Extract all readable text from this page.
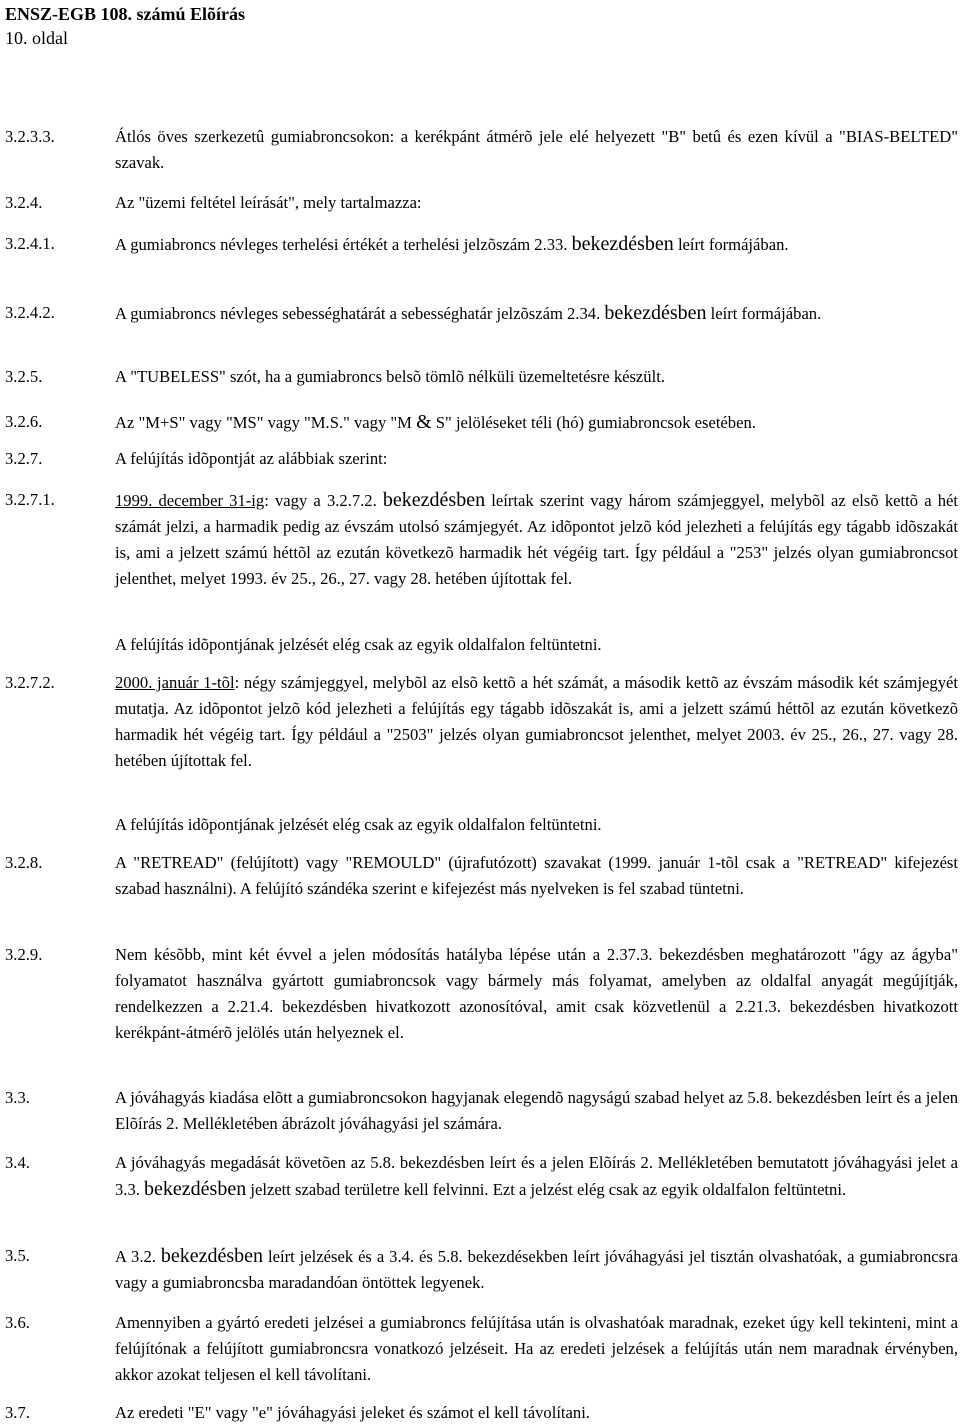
ENSZ-EGB 108. számú Elõírás
10. oldal
3.2.3.3.	Átlós öves szerkezetû gumiabroncsokon: a kerékpánt átmérõ jele elé helyezett "B" betû és ezen kívül a "BIAS-BELTED" szavak.
3.2.4.	Az "üzemi feltétel leírását", mely tartalmazza:
3.2.4.1.	A gumiabroncs névleges terhelési értékét a terhelési jelzõszám 2.33. bekezdésben leírt formájában.
3.2.4.2.	A gumiabroncs névleges sebességhatárát a sebességhatár jelzõszám 2.34. bekezdésben leírt formájában.
3.2.5.	A "TUBELESS" szót, ha a gumiabroncs belsõ tömlõ nélküli üzemeltetésre készült.
3.2.6.	Az "M+S" vagy "MS" vagy "M.S." vagy "M & S" jelöléseket téli (hó) gumiabroncsok esetében.
3.2.7.	A felújítás idõpontját az alábbiak szerint:
3.2.7.1.	1999. december 31-ig: vagy a 3.2.7.2. bekezdésben leírtak szerint vagy három számjeggyel, melybõl az elsõ kettõ a hét számát jelzi, a harmadik pedig az évszám utolsó számjegyét. Az idõpontot jelzõ kód jelezheti a felújítás egy tágabb idõszakát is, ami a jelzett számú héttõl az ezután következõ harmadik hét végéig tart. Így például a "253" jelzés olyan gumiabroncsot jelenthet, melyet 1993. év 25., 26., 27. vagy 28. hetében újítottak fel.
A felújítás idõpontjának jelzését elég csak az egyik oldalfalon feltüntetni.
3.2.7.2.	2000. január 1-tõl: négy számjeggyel, melybõl az elsõ kettõ a hét számát, a második kettõ az évszám második két számjegyét mutatja. Az idõpontot jelzõ kód jelezheti a felújítás egy tágabb idõszakát is, ami a jelzett számú héttõl az ezután következõ harmadik hét végéig tart. Így például a "2503" jelzés olyan gumiabroncsot jelenthet, melyet 2003. év 25., 26., 27. vagy 28. hetében újítottak fel.
A felújítás idõpontjának jelzését elég csak az egyik oldalfalon feltüntetni.
3.2.8.	A "RETREAD" (felújított) vagy "REMOULD" (újrafutózott) szavakat (1999. január 1-tõl csak a "RETREAD" kifejezést szabad használni). A felújító szándéka szerint e kifejezést más nyelveken is fel szabad tüntetni.
3.2.9.	Nem késõbb, mint két évvel a jelen módosítás hatályba lépése után a 2.37.3. bekezdésben meghatározott "ágy az ágyba" folyamatot használva gyártott gumiabroncsok vagy bármely más folyamat, amelyben az oldalfal anyagát megújítják, rendelkezzen a 2.21.4. bekezdésben hivatkozott azonosítóval, amit csak közvetlenül a 2.21.3. bekezdésben hivatkozott kerékpánt-átmérõ jelölés után helyeznek el.
3.3.	A jóváhagyás kiadása elõtt a gumiabroncsokon hagyjanak elegendõ nagyságú szabad helyet az 5.8. bekezdésben leírt és a jelen Elõírás 2. Mellékletében ábrázolt jóváhagyási jel számára.
3.4.	A jóváhagyás megadását követõen az 5.8. bekezdésben leírt és a jelen Elõírás 2. Mellékletében bemutatott jóváhagyási jelet a 3.3. bekezdésben jelzett szabad területre kell felvinni. Ezt a jelzést elég csak az egyik oldalfalon feltüntetni.
3.5.	A 3.2. bekezdésben leírt jelzések és a 3.4. és 5.8. bekezdésekben leírt jóváhagyási jel tisztán olvashatóak, a gumiabroncsra vagy a gumiabroncsba maradandóan öntöttek legyenek.
3.6.	Amennyiben a gyártó eredeti jelzései a gumiabroncs felújítása után is olvashatóak maradnak, ezeket úgy kell tekinteni, mint a felújítónak a felújított gumiabroncsra vonatkozó jelzéseit. Ha az eredeti jelzések a felújítás után nem maradnak érvényben, akkor azokat teljesen el kell távolítani.
3.7.	Az eredeti "E" vagy "e" jóváhagyási jeleket és számot el kell távolítani.
